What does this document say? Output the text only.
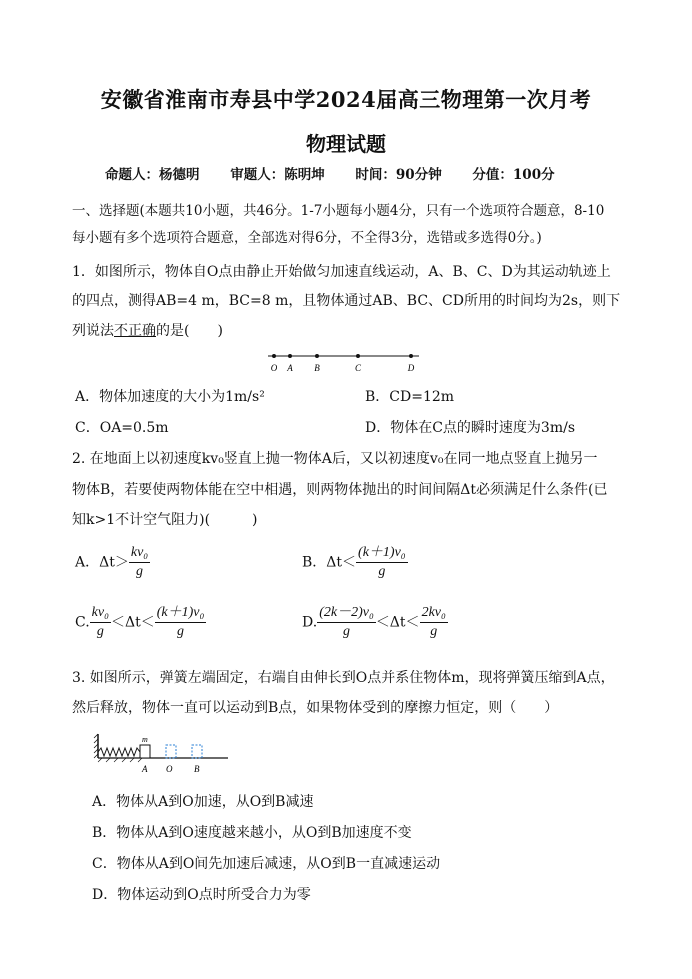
安徽省淮南市寿县中学2024届高三物理第一次月考
物理试题
命题人：杨德明 审题人：陈明坤 时间：90分钟 分值：100分
一、选择题(本题共10小题，共46分。1-7小题每小题4分，只有一个选项符合题意，8-10
每小题有多个选项符合题意，全部选对得6分，不全得3分，选错或多选得0分。)
1．如图所示，物体自O点由静止开始做匀加速直线运动，A、B、C、D为其运动轨迹上
的四点，测得AB=4 m，BC=8 m，且物体通过AB、BC、CD所用的时间均为2s，则下
列说法不正确的是(　　)
O A B	C	D
A．物体加速度的大小为1m/s²	B．CD=12m
C．OA=0.5m	D．物体在C点的瞬时速度为3m/s
2. 在地面上以初速度kv₀竖直上抛一物体A后，又以初速度v₀在同一地点竖直上抛另一
物体B，若要使两物体能在空中相遇，则两物体抛出的时间间隔Δt必须满足什么条件(已
知k>1不计空气阻力)(　　　)
A．$\Delta t> \frac{\text{kv₀}}{g}$	B．$\Delta t< \frac{\text{(k＋1)v₀}}{g}$
C. $\frac{\text{kv₀}}{g} <\Delta t< \frac{\text{(k＋1)v₀}}{g}$	D. $\frac{\text{(2k－2)v₀}}{g} <\Delta t< \frac{\text{2kv₀}}{g}$
3. 如图所示，弹簧左端固定，右端自由伸长到O点并系住物体m，现将弹簧压缩到A点，
然后释放，物体一直可以运动到B点，如果物体受到的摩擦力恒定，则（　　）
m
A O B
A．物体从A到O加速，从O到B减速
B．物体从A到O速度越来越小，从O到B加速度不变
C．物体从A到O间先加速后减速，从O到B一直减速运动
D．物体运动到O点时所受合力为零
